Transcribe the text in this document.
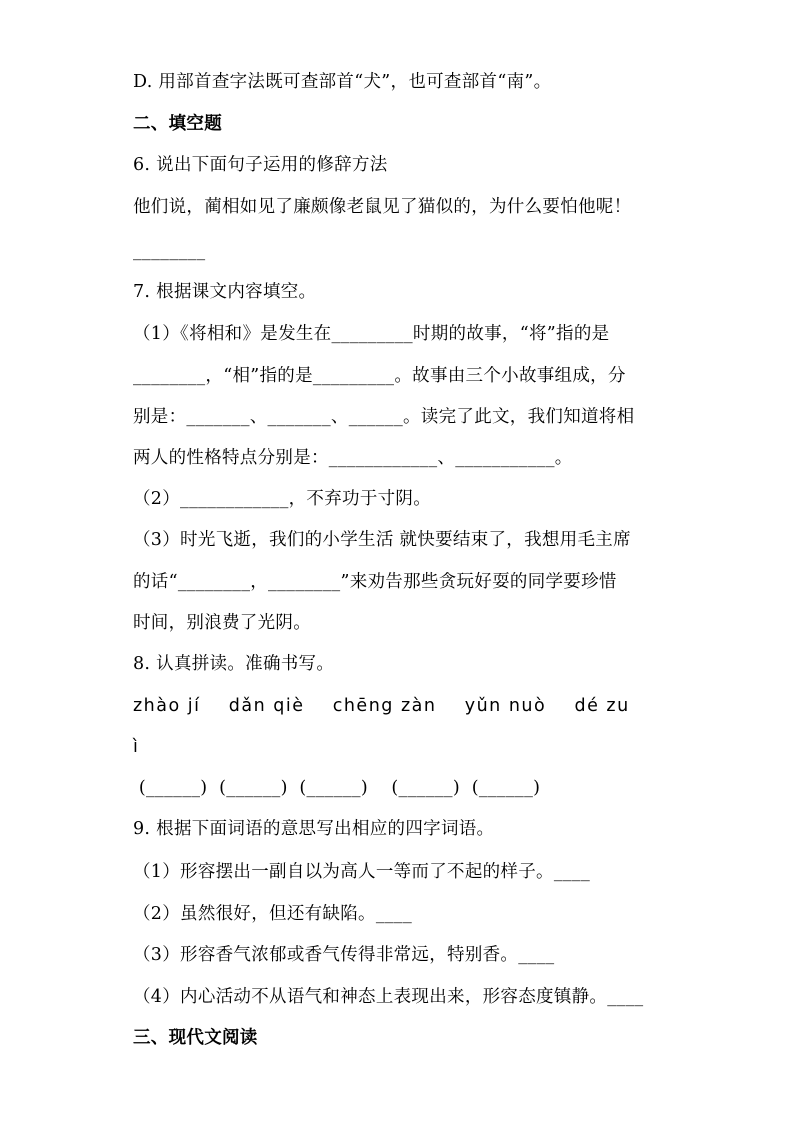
D. 用部首查字法既可查部首“犬”，也可查部首“南”。
二、填空题
6. 说出下面句子运用的修辞方法
他们说，蔺相如见了廉颇像老鼠见了猫似的，为什么要怕他呢！
________
7. 根据课文内容填空。
（1）《将相和》是发生在_________时期的故事，“将”指的是
________，“相”指的是_________。故事由三个小故事组成，分
别是：_______、_______、______。读完了此文，我们知道将相
两人的性格特点分别是：____________、___________。
（2）____________，不弃功于寸阴。
（3）时光飞逝，我们的小学生活 就快要结束了，我想用毛主席
的话“________，________”来劝告那些贪玩好耍的同学要珍惜
时间，别浪费了光阴。
8. 认真拼读。准确书写。
zhào jí    dǎn qiè    chēng zàn    yǔn nuò    dé zu
ì
(______)  (______)  (______)    (______)  (______)
9. 根据下面词语的意思写出相应的四字词语。
（1）形容摆出一副自以为高人一等而了不起的样子。____
（2）虽然很好，但还有缺陷。____
（3）形容香气浓郁或香气传得非常远，特别香。____
（4）内心活动不从语气和神态上表现出来，形容态度镇静。____
三、现代文阅读
